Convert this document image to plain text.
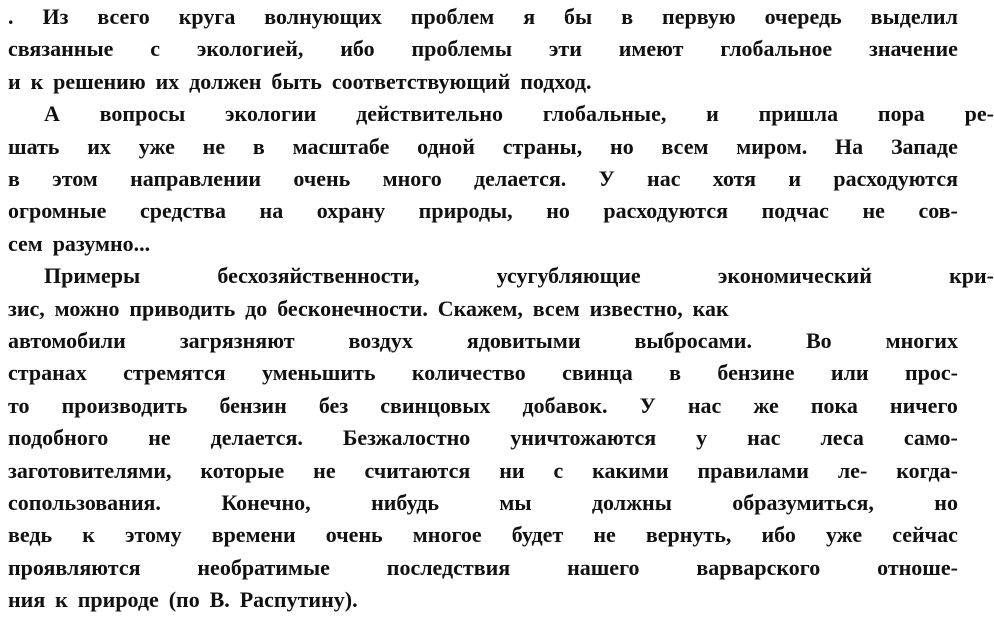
. Из всего круга волнующих проблем я бы в первую очередь выделил
связанные с экологией, ибо проблемы эти имеют глобальное значение
и к решению их должен быть соответствующий подход.
А вопросы экологии действительно глобальные, и пришла пора ре-
шать их уже не в масштабе одной страны, но всем миром. На Западе
в этом направлении очень много делается. У нас хотя и расходуются
огромные средства на охрану природы, но расходуются подчас не сов-
сем разумно...
Примеры	бесхозяйственности,	усугубляющие	экономический	кри-
зис, можно приводить до бесконечности. Скажем, всем известно, как
автомобили загрязняют воздух ядовитыми выбросами. Во многих
странах стремятся уменьшить количество свинца в бензине или прос-
то производить бензин без свинцовых добавок. У нас же пока ничего
подобного не делается. Безжалостно уничтожаются у нас леса само-
заготовителями, которые не считаются ни с какими правилами ле- когда-
сопользования.	Конечно,	нибудь	мы	должны	образумиться,	но
ведь к этому времени очень многое будет не вернуть, ибо уже сейчас
проявляются	необратимые	последствия	нашего	варварского	отноше-
ния к природе (по В. Распутину).
